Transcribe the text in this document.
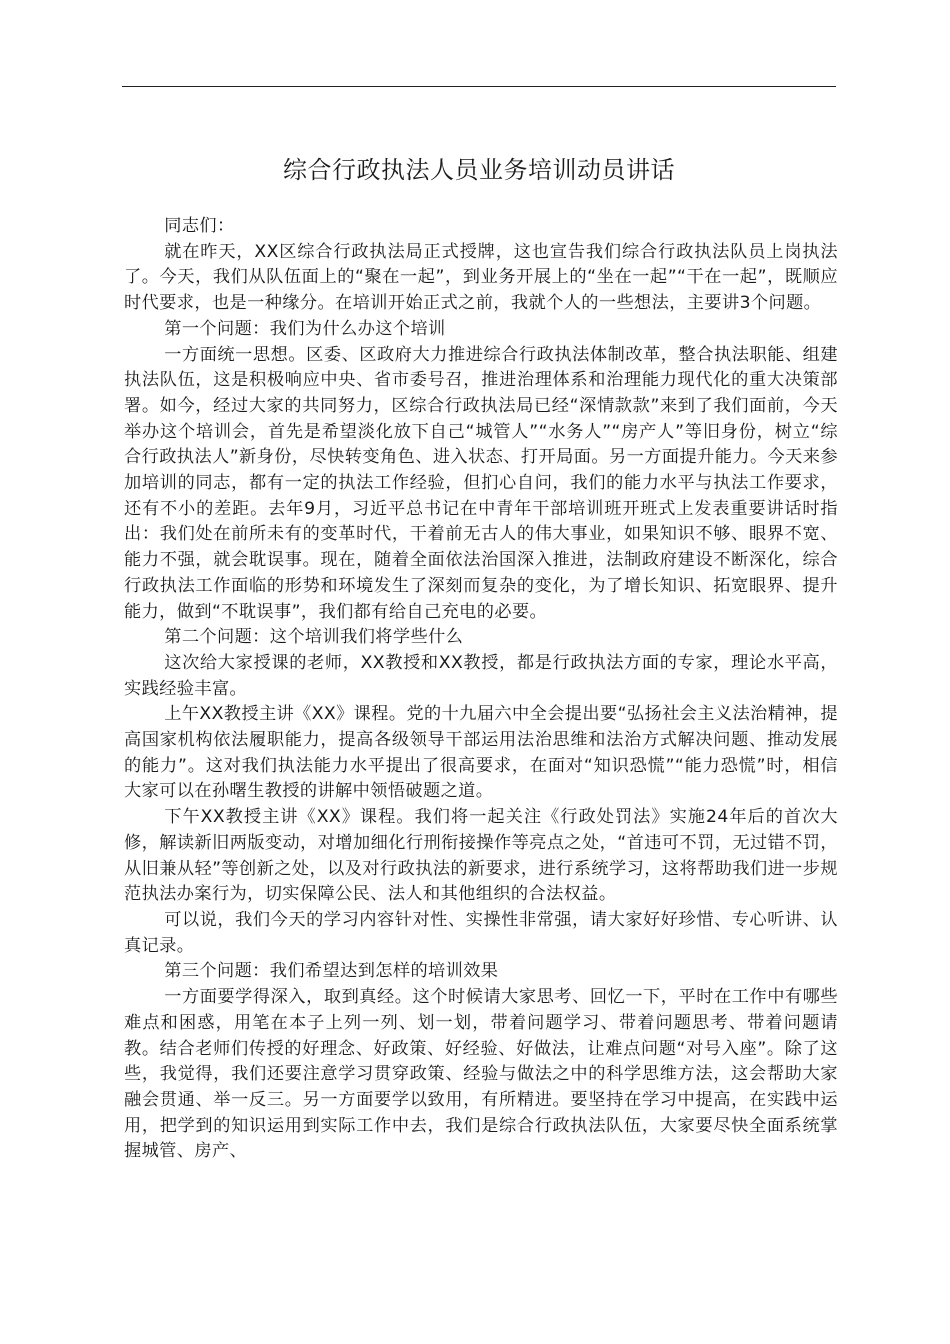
综合行政执法人员业务培训动员讲话

同志们：

就在昨天，XX区综合行政执法局正式授牌，这也宣告我们综合行政执法队员上岗执法了。今天，我们从队伍面上的“聚在一起”，到业务开展上的“坐在一起”“干在一起”，既顺应时代要求，也是一种缘分。在培训开始正式之前，我就个人的一些想法，主要讲3个问题。

第一个问题：我们为什么办这个培训

一方面统一思想。区委、区政府大力推进综合行政执法体制改革，整合执法职能、组建执法队伍，这是积极响应中央、省市委号召，推进治理体系和治理能力现代化的重大决策部署。如今，经过大家的共同努力，区综合行政执法局已经“深情款款”来到了我们面前，今天举办这个培训会，首先是希望淡化放下自己“城管人”“水务人”“房产人”等旧身份，树立“综合行政执法人”新身份，尽快转变角色、进入状态、打开局面。另一方面提升能力。今天来参加培训的同志，都有一定的执法工作经验，但扪心自问，我们的能力水平与执法工作要求，还有不小的差距。去年9月，习近平总书记在中青年干部培训班开班式上发表重要讲话时指出：我们处在前所未有的变革时代，干着前无古人的伟大事业，如果知识不够、眼界不宽、能力不强，就会耽误事。现在，随着全面依法治国深入推进，法制政府建设不断深化，综合行政执法工作面临的形势和环境发生了深刻而复杂的变化，为了增长知识、拓宽眼界、提升能力，做到“不耽误事”，我们都有给自己充电的必要。

第二个问题：这个培训我们将学些什么

这次给大家授课的老师，XX教授和XX教授，都是行政执法方面的专家，理论水平高，实践经验丰富。

上午XX教授主讲《XX》课程。党的十九届六中全会提出要“弘扬社会主义法治精神，提高国家机构依法履职能力，提高各级领导干部运用法治思维和法治方式解决问题、推动发展的能力”。这对我们执法能力水平提出了很高要求，在面对“知识恐慌”“能力恐慌”时，相信大家可以在孙曙生教授的讲解中领悟破题之道。

下午XX教授主讲《XX》课程。我们将一起关注《行政处罚法》实施24年后的首次大修，解读新旧两版变动，对增加细化行刑衔接操作等亮点之处，“首违可不罚，无过错不罚，从旧兼从轻”等创新之处，以及对行政执法的新要求，进行系统学习，这将帮助我们进一步规范执法办案行为，切实保障公民、法人和其他组织的合法权益。

可以说，我们今天的学习内容针对性、实操性非常强，请大家好好珍惜、专心听讲、认真记录。

第三个问题：我们希望达到怎样的培训效果

一方面要学得深入，取到真经。这个时候请大家思考、回忆一下，平时在工作中有哪些难点和困惑，用笔在本子上列一列、划一划，带着问题学习、带着问题思考、带着问题请教。结合老师们传授的好理念、好政策、好经验、好做法，让难点问题“对号入座”。除了这些，我觉得，我们还要注意学习贯穿政策、经验与做法之中的科学思维方法，这会帮助大家融会贯通、举一反三。另一方面要学以致用，有所精进。要坚持在学习中提高，在实践中运用，把学到的知识运用到实际工作中去，我们是综合行政执法队伍，大家要尽快全面系统掌握城管、房产、
